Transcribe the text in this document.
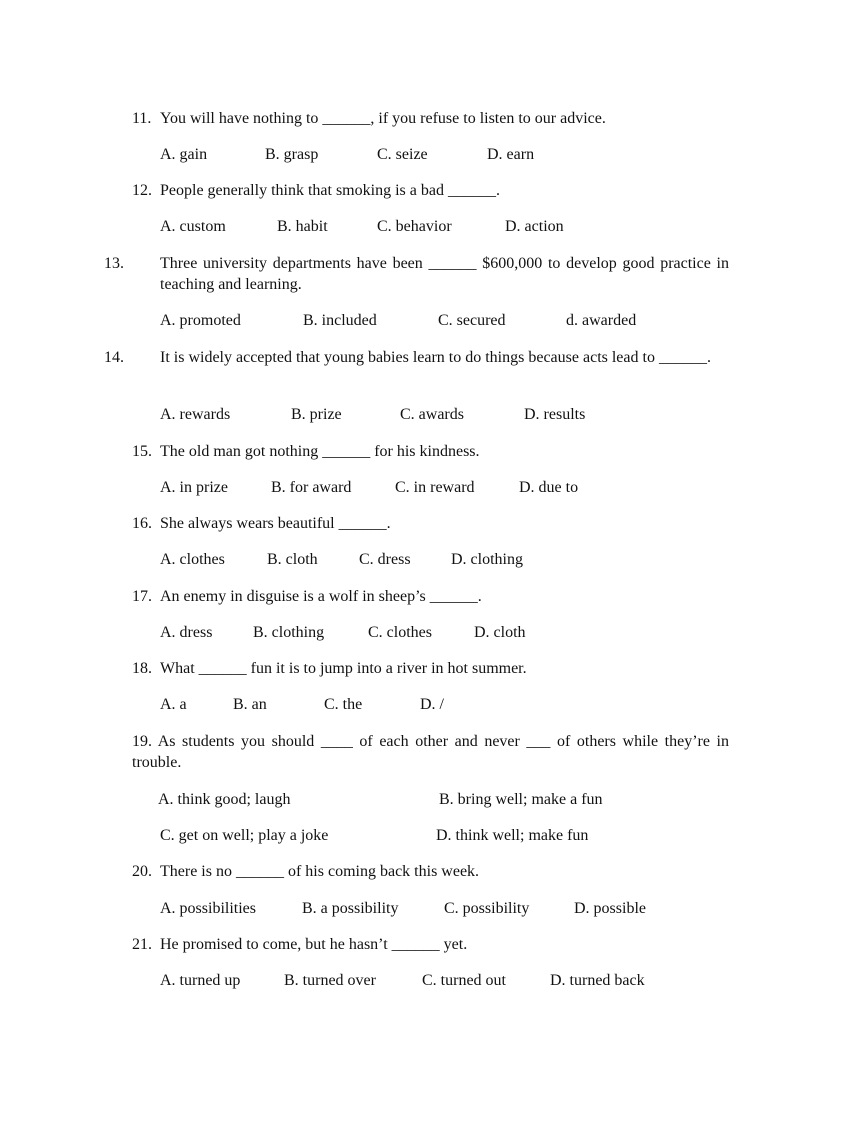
11. You will have nothing to ______, if you refuse to listen to our advice.

A. gain	B. grasp	C. seize	D. earn

12. People generally think that smoking is a bad ______.

A. custom	B. habit	C. behavior	D. action

13. Three university departments have been ______ $600,000 to develop good practice in teaching and learning.

A. promoted	B. included	C. secured	d. awarded

14. It is widely accepted that young babies learn to do things because acts lead to ______.

A. rewards	B. prize	C. awards	D. results

15. The old man got nothing ______ for his kindness.

A. in prize	B. for award	C. in reward	D. due to

16. She always wears beautiful ______.

A. clothes	B. cloth	C. dress	D. clothing

17. An enemy in disguise is a wolf in sheep’s ______.

A. dress	B. clothing	C. clothes	D. cloth

18. What ______ fun it is to jump into a river in hot summer.

A. a	B. an	C. the	D. /

19. As students you should ____ of each other and never ___ of others while they’re in trouble.

A. think good; laugh	B. bring well; make a fun
C. get on well; play a joke	D. think well; make fun

20. There is no ______ of his coming back this week.

A. possibilities	B. a possibility	C. possibility	D. possible

21. He promised to come, but he hasn’t ______ yet.

A. turned up	B. turned over	C. turned out	D. turned back
